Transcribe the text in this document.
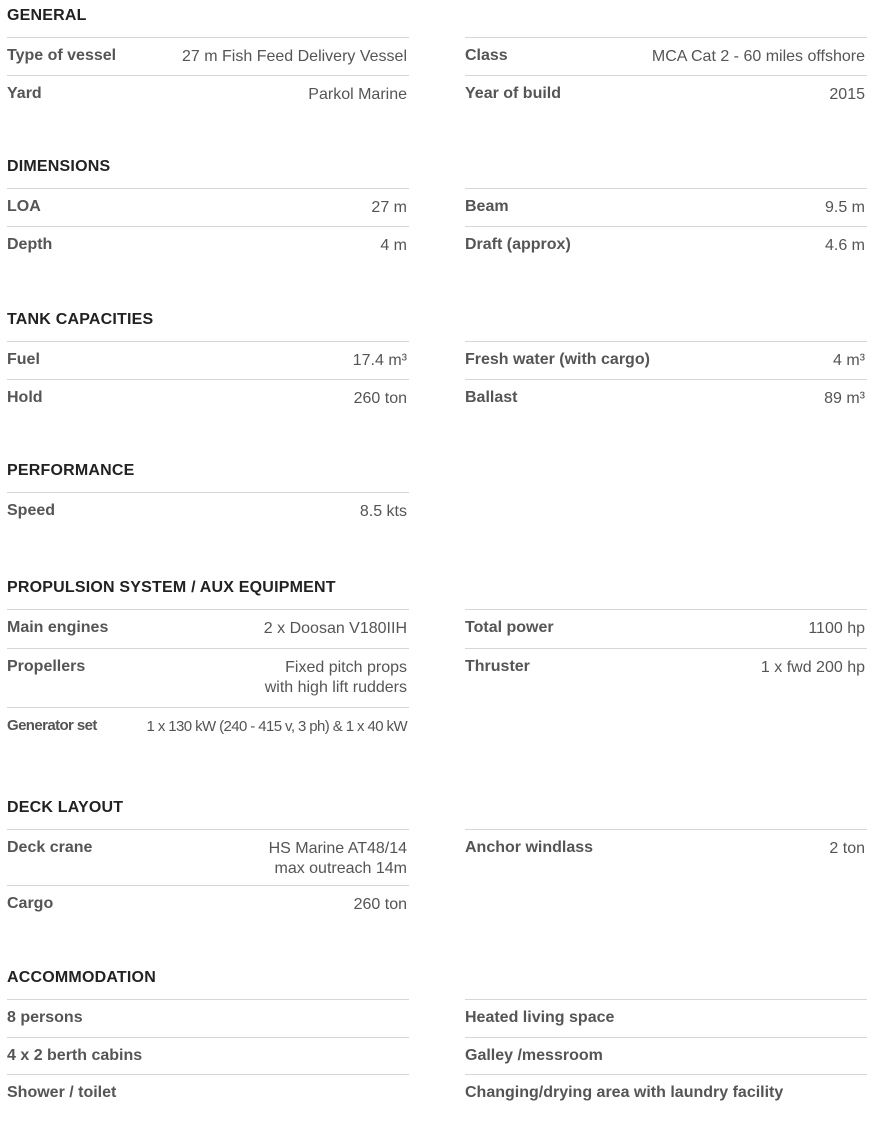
GENERAL
Type of vessel	27 m Fish Feed Delivery Vessel
Yard	Parkol Marine
Class	MCA Cat 2 - 60 miles offshore
Year of build	2015
DIMENSIONS
LOA	27 m
Depth	4 m
Beam	9.5 m
Draft (approx)	4.6 m
TANK CAPACITIES
Fuel	17.4 m³
Hold	260 ton
Fresh water (with cargo)	4 m³
Ballast	89 m³
PERFORMANCE
Speed	8.5 kts
PROPULSION SYSTEM / AUX EQUIPMENT
Main engines	2 x Doosan V180IIH
Propellers	Fixed pitch props
with high lift rudders
Generator set	1 x 130 kW (240 - 415 v, 3 ph) & 1 x 40 kW
Total power	1100 hp
Thruster	1 x fwd 200 hp
DECK LAYOUT
Deck crane	HS Marine AT48/14
max outreach 14m
Cargo	260 ton
Anchor windlass	2 ton
ACCOMMODATION
8 persons
4 x 2 berth cabins
Shower / toilet
Heated living space
Galley /messroom
Changing/drying area with laundry facility
